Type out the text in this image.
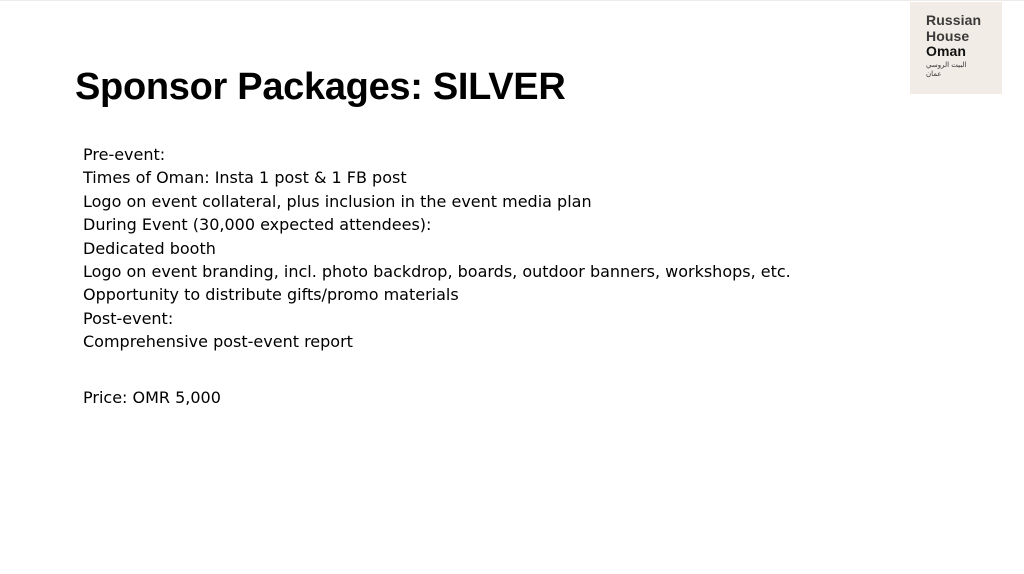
Sponsor Packages: SILVER
Russian
House
Oman
البيت الروسي عمان
Pre-event:
Times of Oman: Insta 1 post & 1 FB post
Logo on event collateral, plus inclusion in the event media plan
During Event (30,000 expected attendees):
Dedicated booth
Logo on event branding, incl. photo backdrop, boards, outdoor banners, workshops, etc.
Opportunity to distribute gifts/promo materials
Post-event:
Comprehensive post-event report
Price: OMR 5,000
